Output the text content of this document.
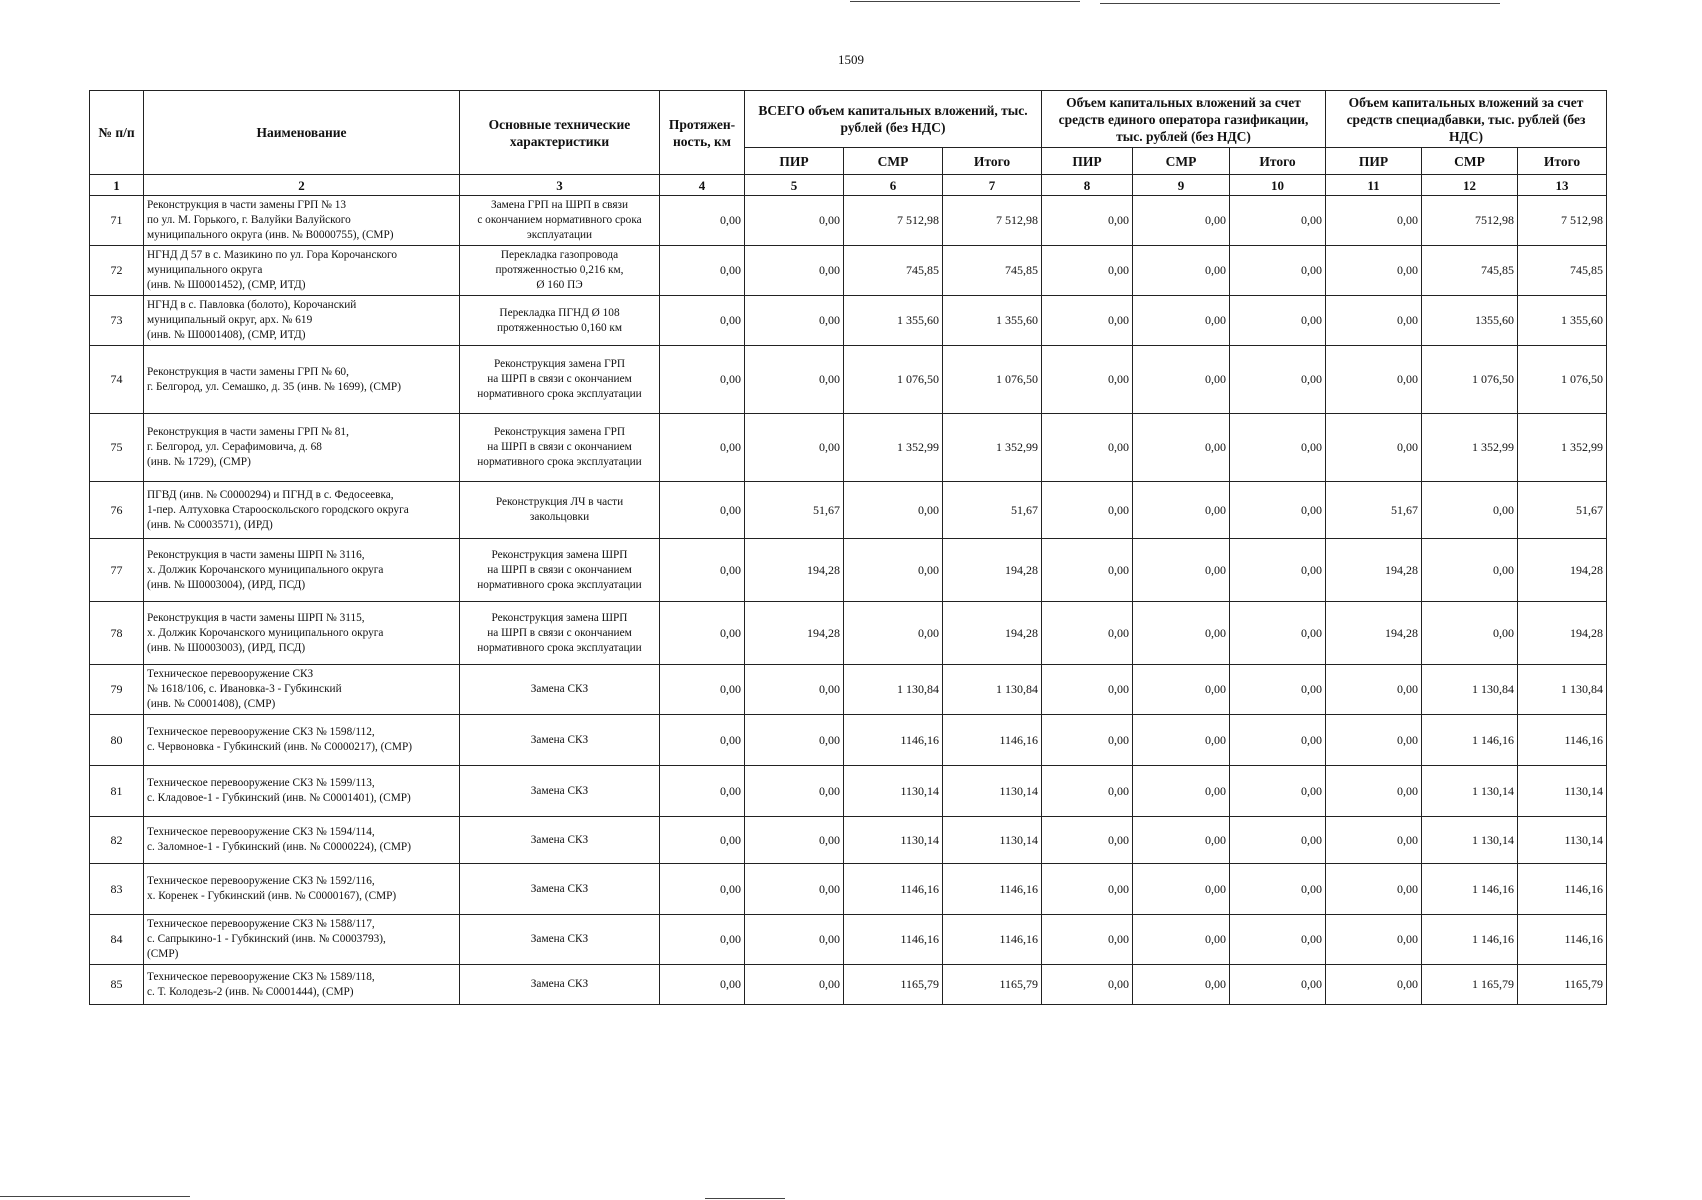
1509
№ п/п	Наименование	Основные технические характеристики	Протяжен-ность, км	ВСЕГО объем капитальных вложений, тыс. рублей (без НДС)			Объем капитальных вложений за счет средств единого оператора газификации, тыс. рублей (без НДС)			Объем капитальных вложений за счет средств специадбавки, тыс. рублей (без НДС)		
				ПИР	СМР	Итого	ПИР	СМР	Итого	ПИР	СМР	Итого
1	2	3	4	5	6	7	8	9	10	11	12	13
71	Реконструкция в части замены ГРП № 13
по ул. М. Горького, г. Валуйки Валуйского
муниципального округа (инв. № В0000755), (СМР)	Замена ГРП на ШРП в связи
с окончанием нормативного срока
эксплуатации	0,00	0,00	7 512,98	7 512,98	0,00	0,00	0,00	0,00	7512,98	7 512,98
72	НГНД Д 57 в с. Мазикино по ул. Гора Корочанского
муниципального округа
(инв. № Ш0001452), (СМР, ИТД)	Перекладка газопровода
протяженностью 0,216 км,
Ø 160 ПЭ	0,00	0,00	745,85	745,85	0,00	0,00	0,00	0,00	745,85	745,85
73	НГНД в с. Павловка (болото), Корочанский
муниципальный округ, арх. № 619
(инв. № Ш0001408), (СМР, ИТД)	Перекладка ПГНД Ø 108
протяженностью 0,160 км	0,00	0,00	1 355,60	1 355,60	0,00	0,00	0,00	0,00	1355,60	1 355,60
74	Реконструкция в части замены ГРП № 60,
г. Белгород, ул. Семашко, д. 35 (инв. № 1699), (СМР)	Реконструкция замена ГРП
на ШРП в связи с окончанием
нормативного срока эксплуатации	0,00	0,00	1 076,50	1 076,50	0,00	0,00	0,00	0,00	1 076,50	1 076,50
75	Реконструкция в части замены ГРП № 81,
г. Белгород, ул. Серафимовича, д. 68
(инв. № 1729), (СМР)	Реконструкция замена ГРП
на ШРП в связи с окончанием
нормативного срока эксплуатации	0,00	0,00	1 352,99	1 352,99	0,00	0,00	0,00	0,00	1 352,99	1 352,99
76	ПГВД (инв. № С0000294) и ПГНД в с. Федосеевка,
1-пер. Алтуховка Старооскольского городского округа
(инв. № С0003571), (ИРД)	Реконструкция ЛЧ в части
закольцовки	0,00	51,67	0,00	51,67	0,00	0,00	0,00	51,67	0,00	51,67
77	Реконструкция в части замены ШРП № 3116,
х. Должик Корочанского муниципального округа
(инв. № Ш0003004), (ИРД, ПСД)	Реконструкция замена ШРП
на ШРП в связи с окончанием
нормативного срока эксплуатации	0,00	194,28	0,00	194,28	0,00	0,00	0,00	194,28	0,00	194,28
78	Реконструкция в части замены ШРП № 3115,
х. Должик Корочанского муниципального округа
(инв. № Ш0003003), (ИРД, ПСД)	Реконструкция замена ШРП
на ШРП в связи с окончанием
нормативного срока эксплуатации	0,00	194,28	0,00	194,28	0,00	0,00	0,00	194,28	0,00	194,28
79	Техническое перевооружение СКЗ
№ 1618/106, с. Ивановка-3 - Губкинский
(инв. № С0001408), (СМР)	Замена СКЗ	0,00	0,00	1 130,84	1 130,84	0,00	0,00	0,00	0,00	1 130,84	1 130,84
80	Техническое перевооружение СКЗ № 1598/112,
с. Червоновка - Губкинский (инв. № С0000217), (СМР)	Замена СКЗ	0,00	0,00	1146,16	1146,16	0,00	0,00	0,00	0,00	1 146,16	1146,16
81	Техническое перевооружение СКЗ № 1599/113,
с. Кладовое-1 - Губкинский (инв. № С0001401), (СМР)	Замена СКЗ	0,00	0,00	1130,14	1130,14	0,00	0,00	0,00	0,00	1 130,14	1130,14
82	Техническое перевооружение СКЗ № 1594/114,
с. Заломное-1 - Губкинский (инв. № С0000224), (СМР)	Замена СКЗ	0,00	0,00	1130,14	1130,14	0,00	0,00	0,00	0,00	1 130,14	1130,14
83	Техническое перевооружение СКЗ № 1592/116,
х. Коренек - Губкинский (инв. № С0000167), (СМР)	Замена СКЗ	0,00	0,00	1146,16	1146,16	0,00	0,00	0,00	0,00	1 146,16	1146,16
84	Техническое перевооружение СКЗ № 1588/117,
с. Сапрыкино-1 - Губкинский (инв. № С0003793),
(СМР)	Замена СКЗ	0,00	0,00	1146,16	1146,16	0,00	0,00	0,00	0,00	1 146,16	1146,16
85	Техническое перевооружение СКЗ № 1589/118,
с. Т. Колодезь-2 (инв. № С0001444), (СМР)	Замена СКЗ	0,00	0,00	1165,79	1165,79	0,00	0,00	0,00	0,00	1 165,79	1165,79
